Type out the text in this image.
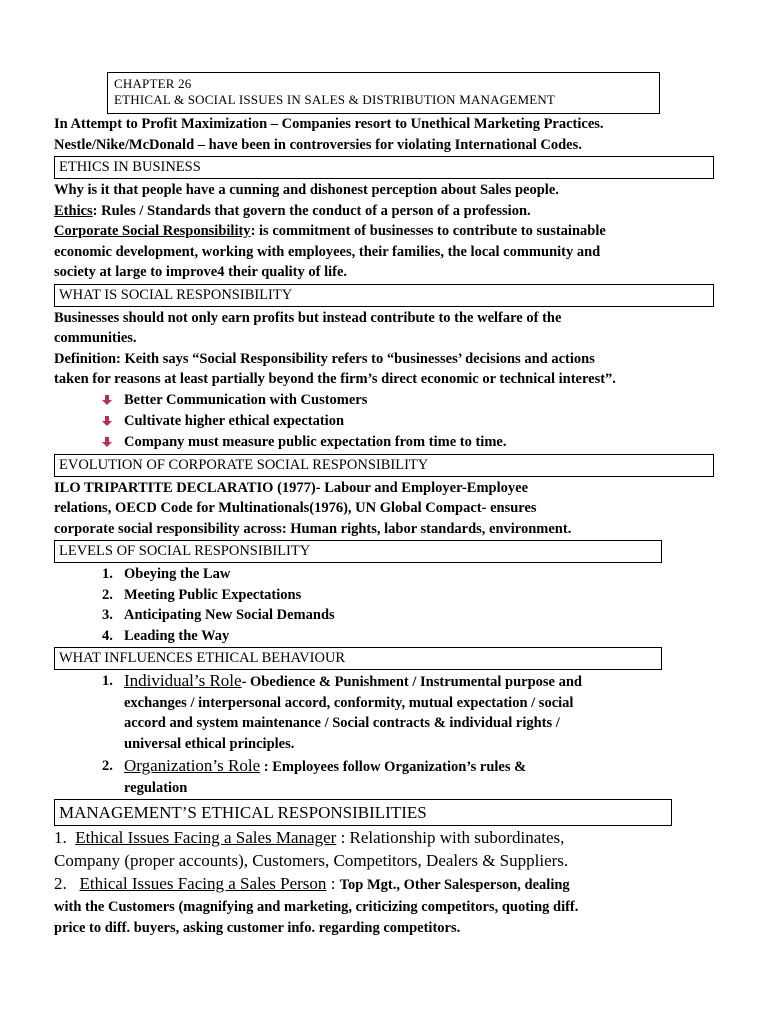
CHAPTER 26
ETHICAL & SOCIAL ISSUES IN SALES & DISTRIBUTION MANAGEMENT

In Attempt to Profit Maximization – Companies resort to Unethical Marketing Practices.

Nestle/Nike/McDonald – have been in controversies for violating International Codes.

ETHICS IN BUSINESS

Why is it that people have a cunning and dishonest perception about Sales people.

Ethics: Rules / Standards that govern the conduct of a person of a profession.

Corporate Social Responsibility: is commitment of businesses to contribute to sustainable

economic development, working with employees, their families, the local community and

society at large to improve4 their quality of life.

WHAT IS SOCIAL RESPONSIBILITY

Businesses should not only earn profits but instead contribute to the welfare of the

communities.

Definition: Keith says “Social Responsibility refers to “businesses’ decisions and actions

taken for reasons at least partially beyond the firm’s direct economic or technical interest”.

Better Communication with Customers
Cultivate higher ethical expectation
Company must measure public expectation from time to time.
EVOLUTION OF CORPORATE SOCIAL RESPONSIBILITY

ILO TRIPARTITE DECLARATIO (1977)- Labour and Employer-Employee

relations, OECD Code for Multinationals(1976), UN Global Compact- ensures

corporate social responsibility across: Human rights, labor standards, environment.

LEVELS OF SOCIAL RESPONSIBILITY
1. Obeying the Law
2. Meeting Public Expectations
3. Anticipating New Social Demands
4. Leading the Way
WHAT INFLUENCES ETHICAL BEHAVIOUR
1. Individual’s Role- Obedience & Punishment / Instrumental purpose and
exchanges / interpersonal accord, conformity, mutual expectation / social
accord and system maintenance / Social contracts & individual rights /
universal ethical principles.
2. Organization’s Role : Employees follow Organization’s rules &
regulation
MANAGEMENT’S ETHICAL RESPONSIBILITIES

1. Ethical Issues Facing a Sales Manager : Relationship with subordinates,

Company (proper accounts), Customers, Competitors, Dealers & Suppliers.

2. Ethical Issues Facing a Sales Person : Top Mgt., Other Salesperson, dealing

with the Customers (magnifying and marketing, criticizing competitors, quoting diff.

price to diff. buyers, asking customer info. regarding competitors.
